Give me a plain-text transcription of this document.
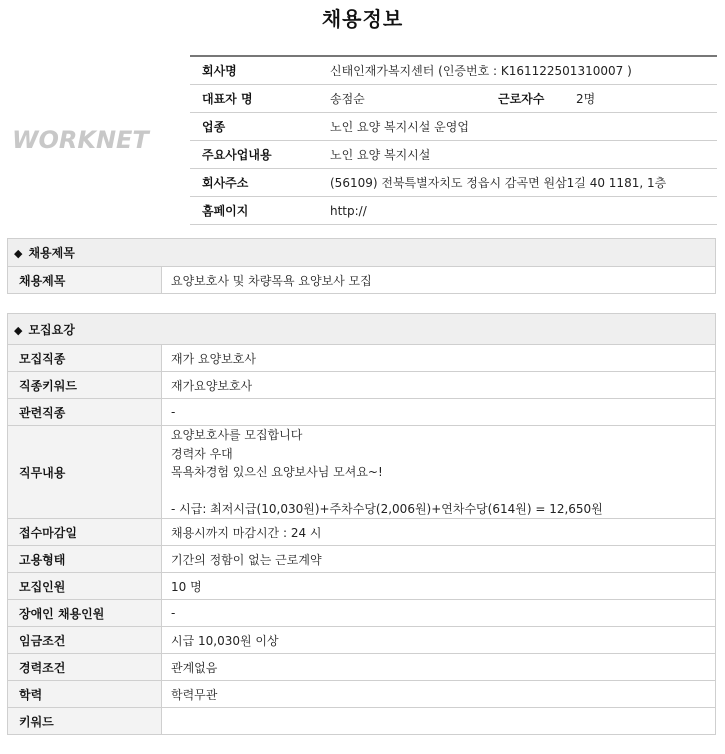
채용정보
WORKNET
회사명	신태인재가복지센터 (인증번호 : K161122501310007 )
대표자 명	송점순 근로자수 2명
업종	노인 요양 복지시설 운영업
주요사업내용	노인 요양 복지시설
회사주소	(56109) 전북특별자치도 정읍시 감곡면 원삼1길 40 1181, 1층
홈페이지	http://
◆ 채용제목
채용제목	요양보호사 및 차량목욕 요양보사 모집
◆ 모집요강	
모집직종	재가 요양보호사
직종키워드	재가요양보호사
관련직종	-
직무내용	요양보호사를 모집합니다
경력자 우대
목욕차경험 있으신 요양보사님 모셔요~!
- 시급: 최저시급(10,030원)+주차수당(2,006원)+연차수당(614원) = 12,650원

접수마감일	채용시까지 마감시간 : 24 시
고용형태	기간의 정함이 없는 근로계약
모집인원	10 명
장애인 채용인원	-
임금조건	시급 10,030원 이상
경력조건	관계없음
학력	학력무관
키워드	
